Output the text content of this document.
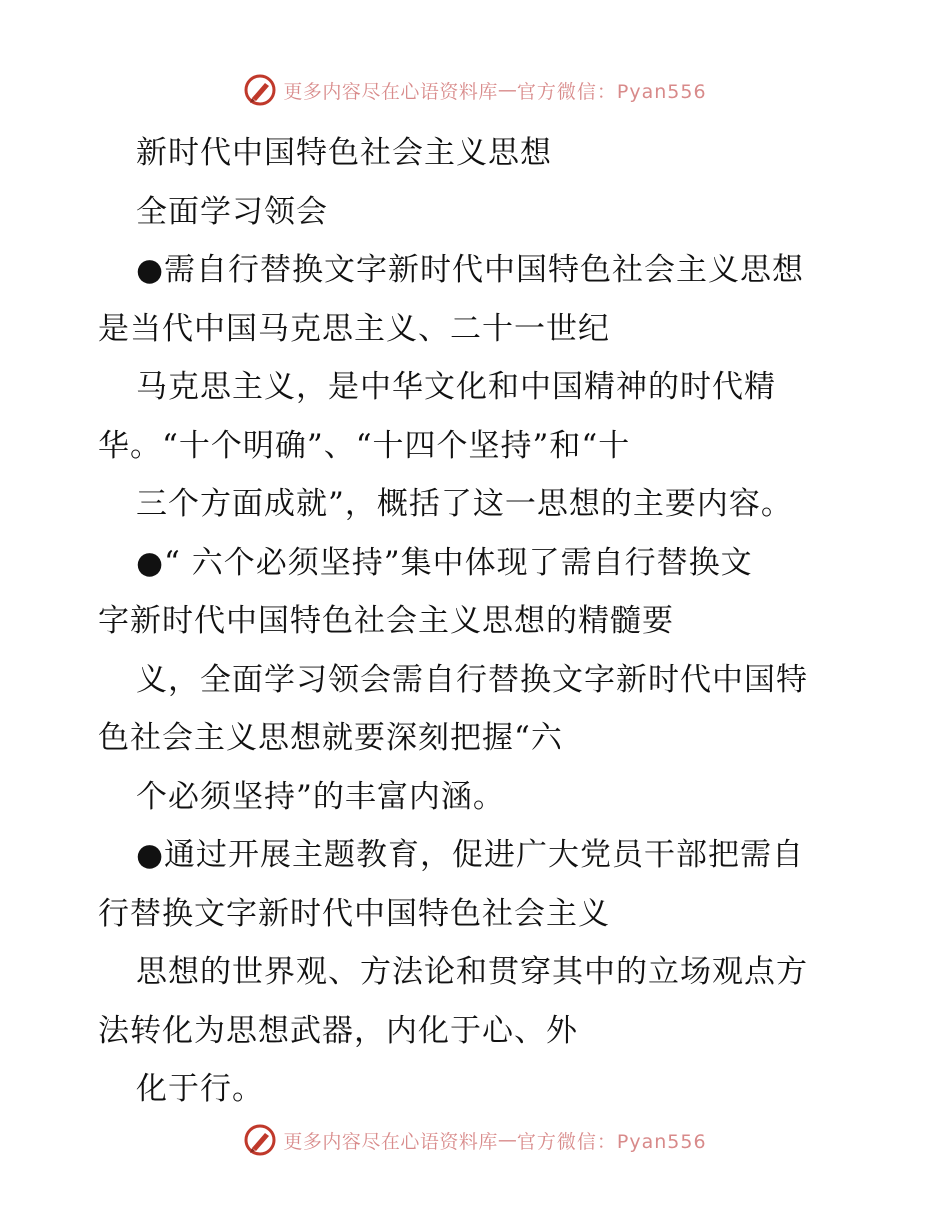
更多内容尽在心语资料库 — 官方微信：Pyan556
新时代中国特色社会主义思想
全面学习领会
●需自行替换文字新时代中国特色社会主义思想
是当代中国马克思主义、二十一世纪
马克思主义，是中华文化和中国精神的时代精
华。“十个明确”、“十四个坚持”和“十
三个方面成就”，概括了这一思想的主要内容。
●“ 六个必须坚持”集中体现了需自行替换文
字新时代中国特色社会主义思想的精髓要
义，全面学习领会需自行替换文字新时代中国特
色社会主义思想就要深刻把握“六
个必须坚持”的丰富内涵。
●通过开展主题教育，促进广大党员干部把需自
行替换文字新时代中国特色社会主义
思想的世界观、方法论和贯穿其中的立场观点方
法转化为思想武器，内化于心、外
化于行。
更多内容尽在心语资料库 — 官方微信：Pyan556
